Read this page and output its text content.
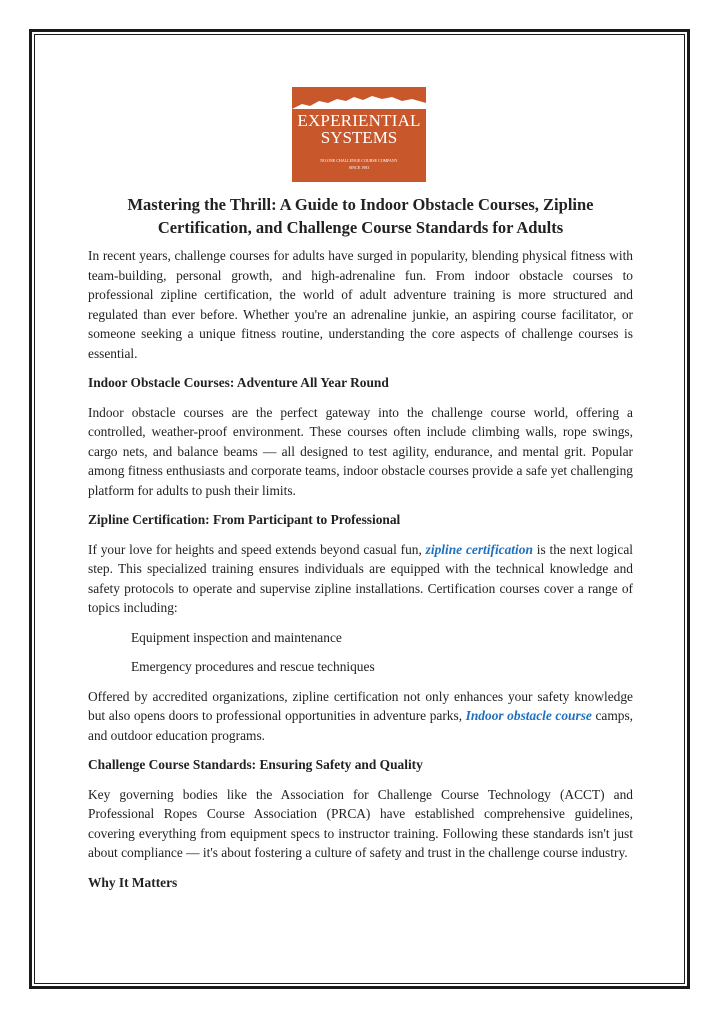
EXPERIENTIAL
SYSTEMS
NO.ONE CHALLENGE COURSE COMPANY
SINCE 1983
Mastering the Thrill: A Guide to Indoor Obstacle Courses, Zipline Certification, and Challenge Course Standards for Adults

In recent years, challenge courses for adults have surged in popularity, blending physical fitness with team-building, personal growth, and high-adrenaline fun. From indoor obstacle courses to professional zipline certification, the world of adult adventure training is more structured and regulated than ever before. Whether you're an adrenaline junkie, an aspiring course facilitator, or someone seeking a unique fitness routine, understanding the core aspects of challenge courses is essential.

Indoor Obstacle Courses: Adventure All Year Round

Indoor obstacle courses are the perfect gateway into the challenge course world, offering a controlled, weather-proof environment. These courses often include climbing walls, rope swings, cargo nets, and balance beams — all designed to test agility, endurance, and mental grit. Popular among fitness enthusiasts and corporate teams, indoor obstacle courses provide a safe yet challenging platform for adults to push their limits.

Zipline Certification: From Participant to Professional

If your love for heights and speed extends beyond casual fun, zipline certification is the next logical step. This specialized training ensures individuals are equipped with the technical knowledge and safety protocols to operate and supervise zipline installations. Certification courses cover a range of topics including:

Equipment inspection and maintenance
Emergency procedures and rescue techniques

Offered by accredited organizations, zipline certification not only enhances your safety knowledge but also opens doors to professional opportunities in adventure parks, Indoor obstacle course camps, and outdoor education programs.

Challenge Course Standards: Ensuring Safety and Quality

Key governing bodies like the Association for Challenge Course Technology (ACCT) and Professional Ropes Course Association (PRCA) have established comprehensive guidelines, covering everything from equipment specs to instructor training. Following these standards isn't just about compliance — it's about fostering a culture of safety and trust in the challenge course industry.

Why It Matters
